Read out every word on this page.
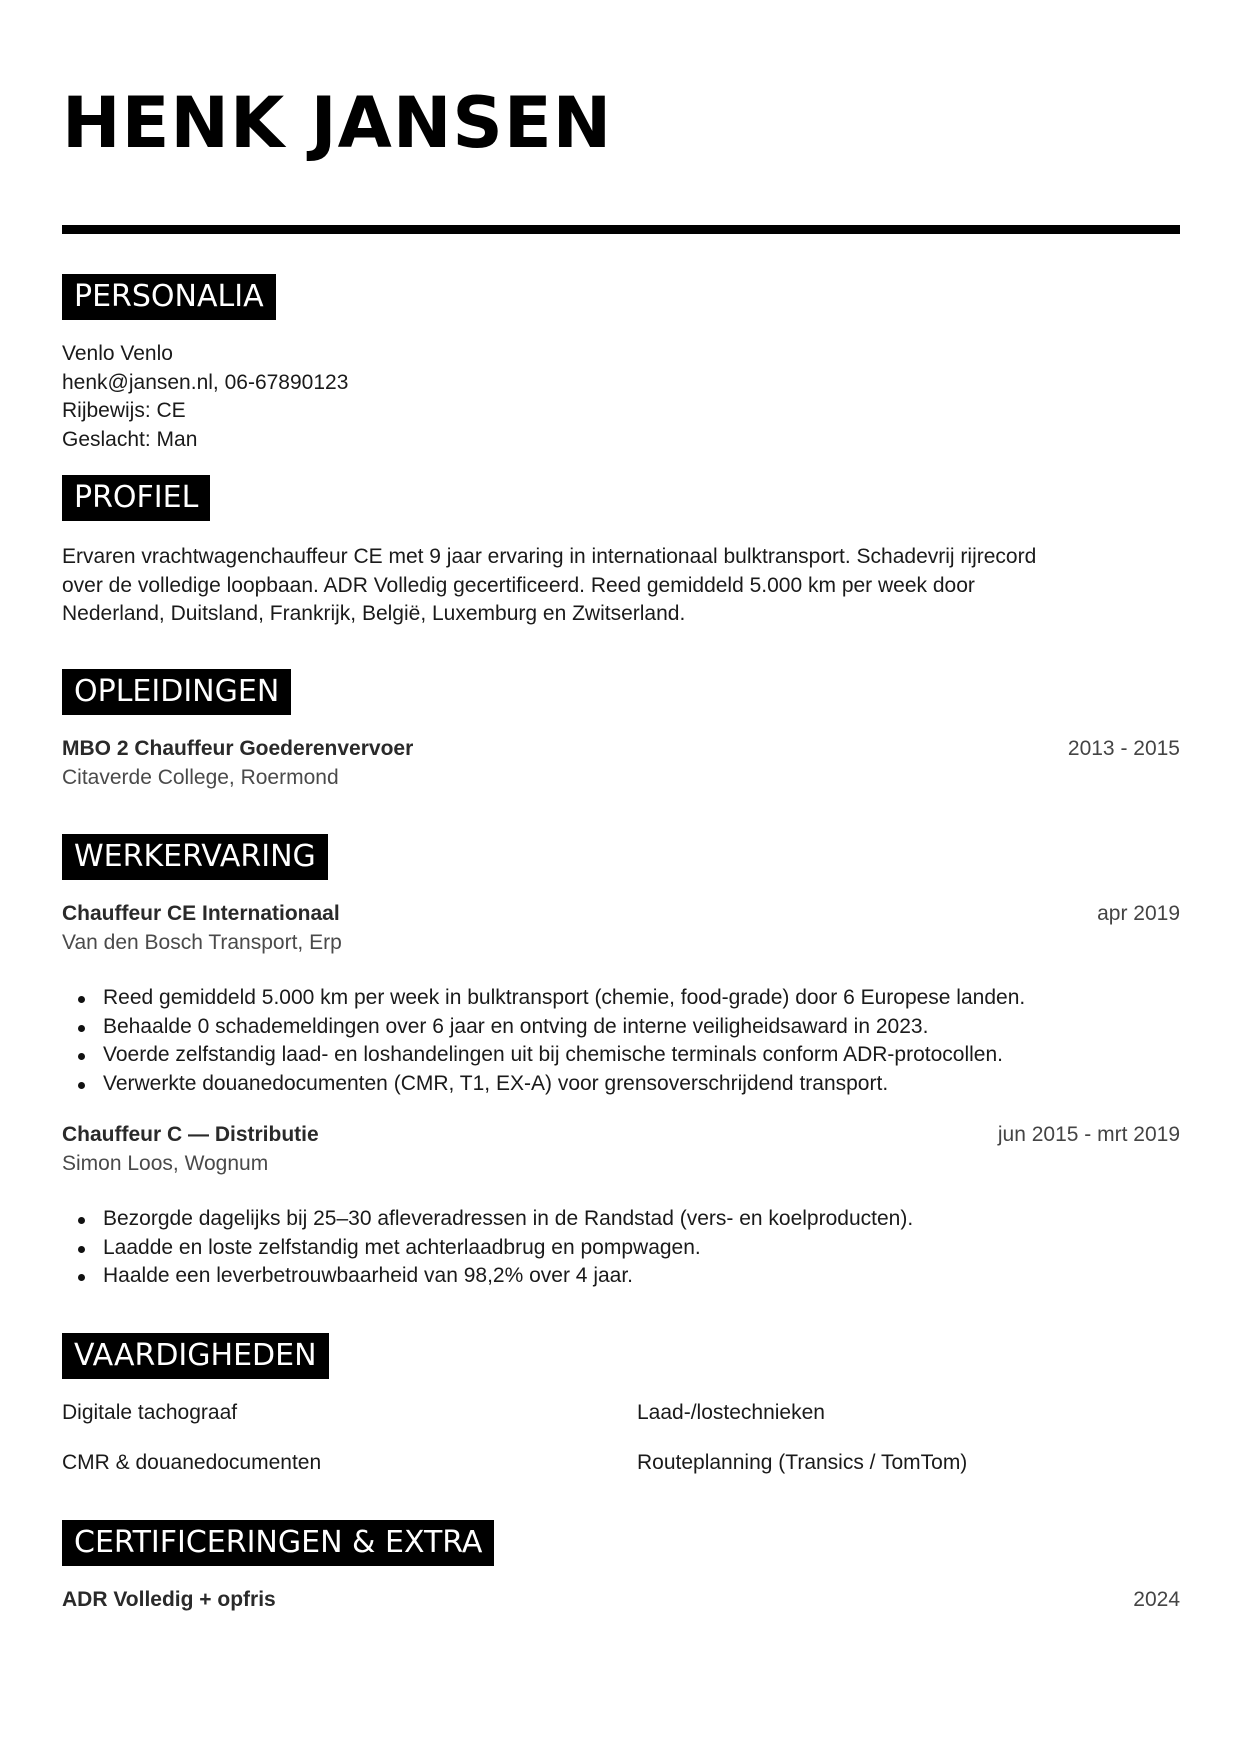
HENK JANSEN
PERSONALIA
Venlo Venlo
henk@jansen.nl, 06-67890123
Rijbewijs: CE
Geslacht: Man
PROFIEL
Ervaren vrachtwagenchauffeur CE met 9 jaar ervaring in internationaal bulktransport. Schadevrij rijrecord
over de volledige loopbaan. ADR Volledig gecertificeerd. Reed gemiddeld 5.000 km per week door
Nederland, Duitsland, Frankrijk, België, Luxemburg en Zwitserland.
OPLEIDINGEN
MBO 2 Chauffeur Goederenvervoer	2013 - 2015
Citaverde College, Roermond
WERKERVARING
Chauffeur CE Internationaal	apr 2019
Van den Bosch Transport, Erp
Reed gemiddeld 5.000 km per week in bulktransport (chemie, food-grade) door 6 Europese landen.
Behaalde 0 schademeldingen over 6 jaar en ontving de interne veiligheidsaward in 2023.
Voerde zelfstandig laad- en loshandelingen uit bij chemische terminals conform ADR-protocollen.
Verwerkte douanedocumenten (CMR, T1, EX-A) voor grensoverschrijdend transport.
Chauffeur C — Distributie	jun 2015 - mrt 2019
Simon Loos, Wognum
Bezorgde dagelijks bij 25–30 afleveradressen in de Randstad (vers- en koelproducten).
Laadde en loste zelfstandig met achterlaadbrug en pompwagen.
Haalde een leverbetrouwbaarheid van 98,2% over 4 jaar.
VAARDIGHEDEN
Digitale tachograaf	Laad-/lostechnieken
CMR & douanedocumenten	Routeplanning (Transics / TomTom)
CERTIFICERINGEN & EXTRA
ADR Volledig + opfris	2024
